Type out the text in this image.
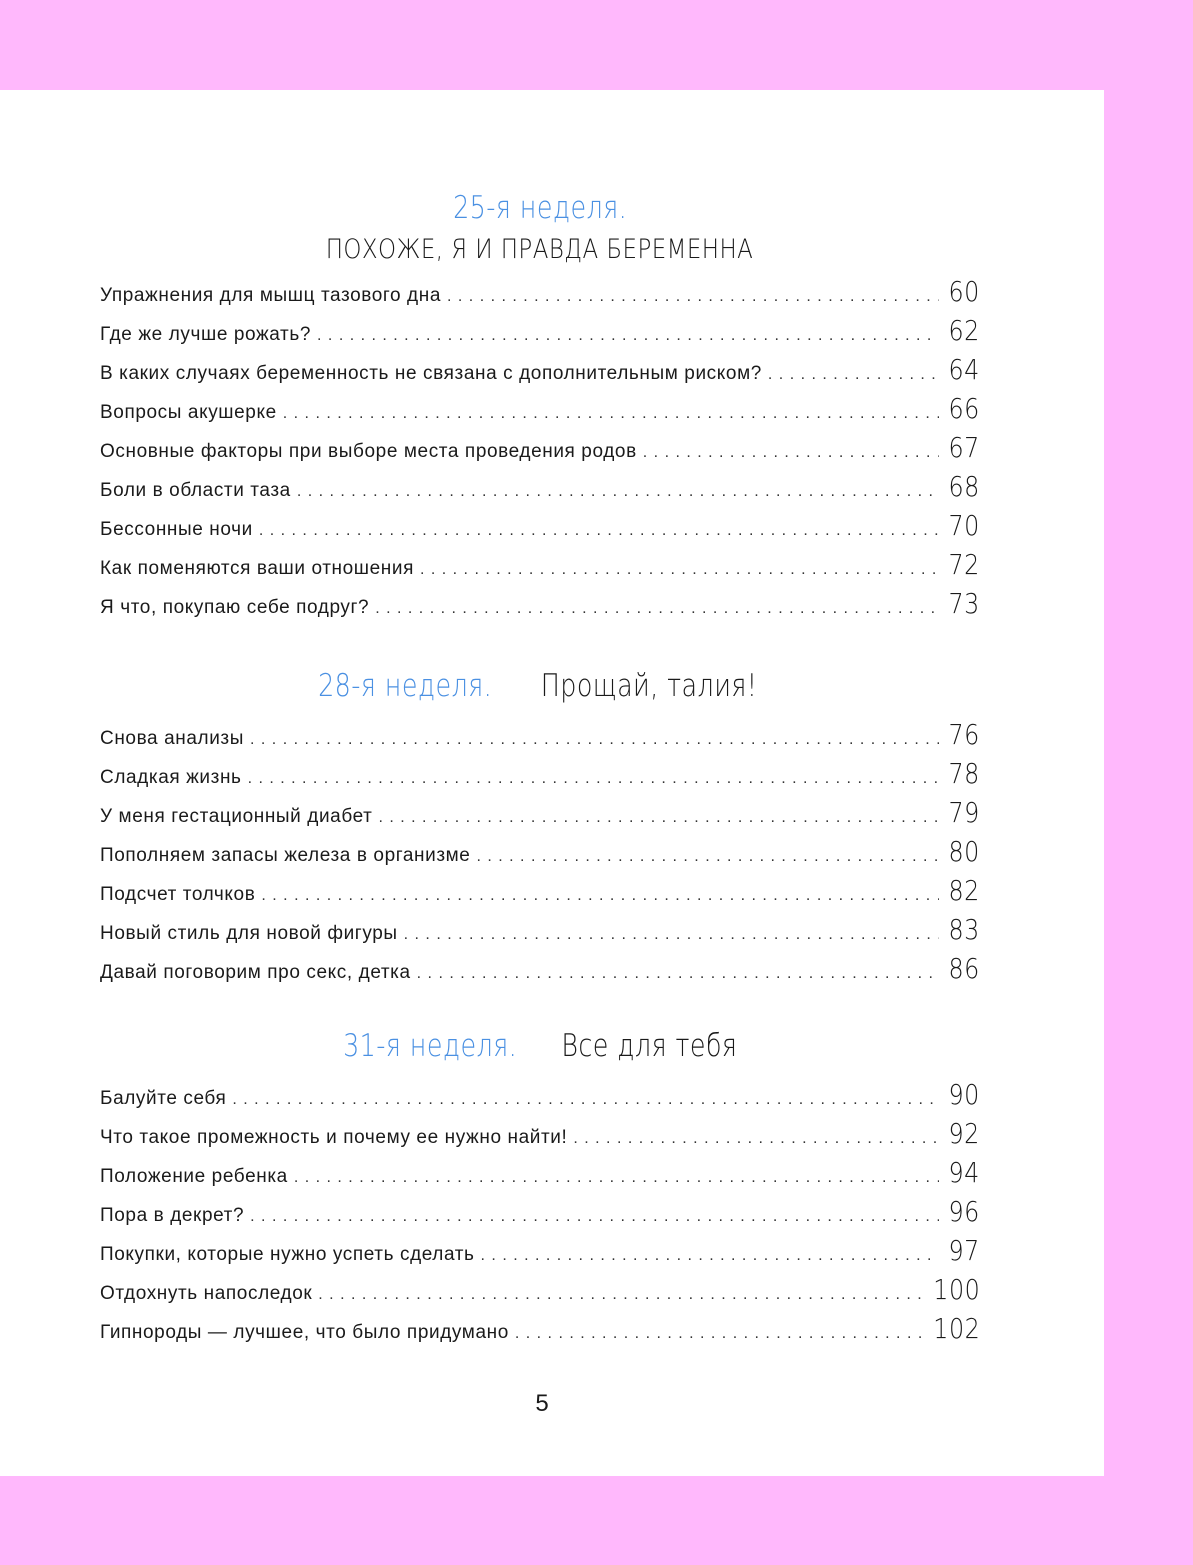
25-я неделя.
ПОХОЖЕ, Я И ПРАВДА БЕРЕМЕННА
Упражнения для мышц тазового дна . . .	60
Где же лучше рожать? . . .	62
В каких случаях беременность не связана с дополнительным риском? . . .	64
Вопросы акушерке . . .	66
Основные факторы при выборе места проведения родов . . .	67
Боли в области таза . . .	68
Бессонные ночи . . .	70
Как поменяются ваши отношения . . .	72
Я что, покупаю себе подруг? . . .	73
28-я неделя. Прощай, талия!
Снова анализы . . .	76
Сладкая жизнь . . .	78
У меня гестационный диабет . . .	79
Пополняем запасы железа в организме . . .	80
Подсчет толчков . . .	82
Новый стиль для новой фигуры . . .	83
Давай поговорим про секс, детка . . .	86
31-я неделя. Все для тебя
Балуйте себя . . .	90
Что такое промежность и почему ее нужно найти! . . .	92
Положение ребенка . . .	94
Пора в декрет? . . .	96
Покупки, которые нужно успеть сделать . . .	97
Отдохнуть напоследок . . .	100
Гипнороды — лучшее, что было придумано . . .	102
5
